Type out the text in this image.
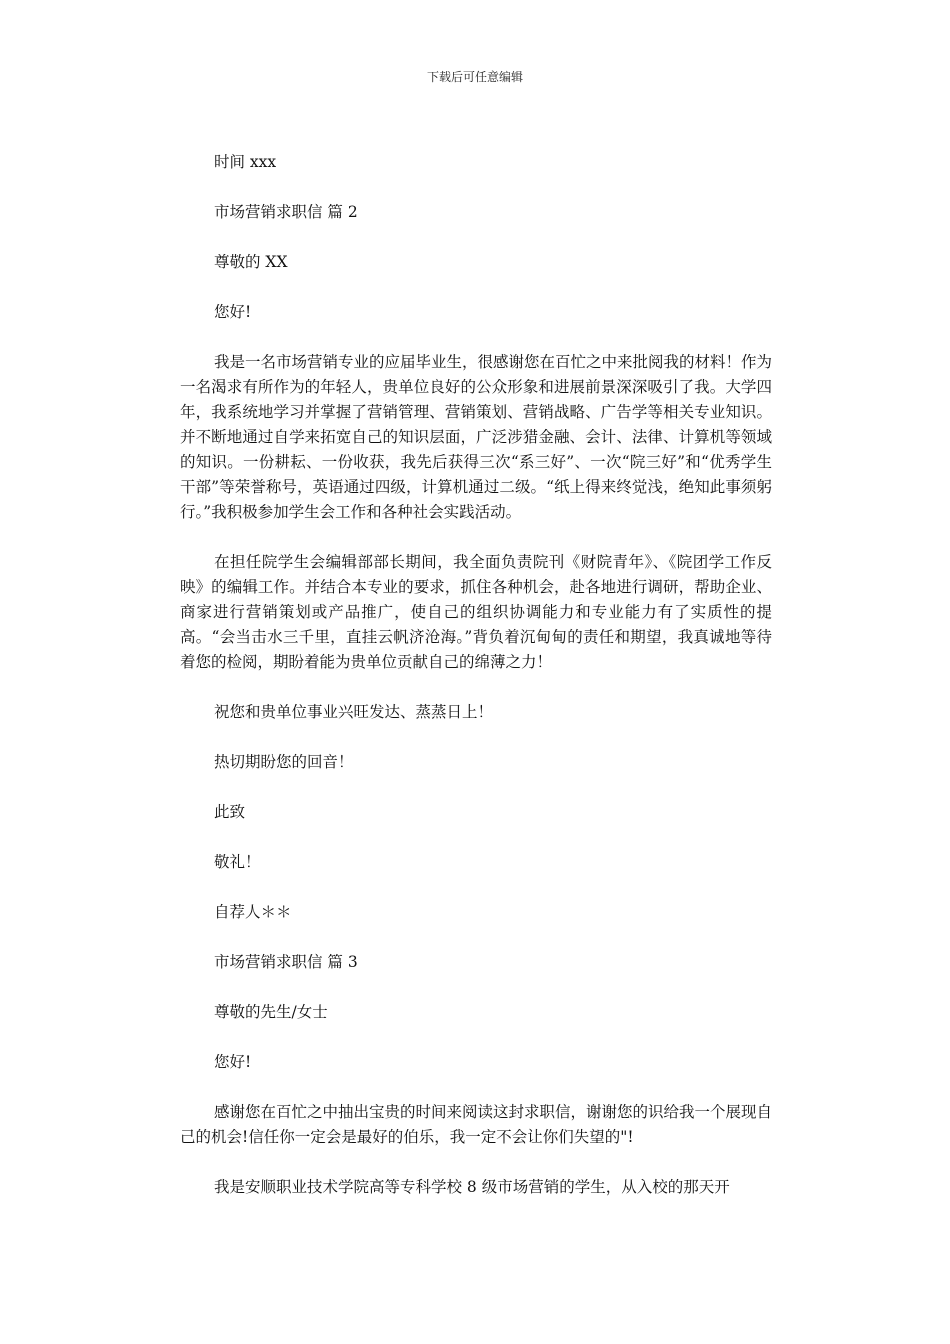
下载后可任意编辑
时间 xxx
市场营销求职信 篇 2
尊敬的 XX
您好!

我是一名市场营销专业的应届毕业生，很感谢您在百忙之中来批阅我的材料！作为一名渴求有所作为的年轻人，贵单位良好的公众形象和进展前景深深吸引了我。大学四年，我系统地学习并掌握了营销管理、营销策划、营销战略、广告学等相关专业知识。并不断地通过自学来拓宽自己的知识层面，广泛涉猎金融、会计、法律、计算机等领域的知识。一份耕耘、一份收获，我先后获得三次“系三好”、一次“院三好”和“优秀学生干部”等荣誉称号，英语通过四级，计算机通过二级。“纸上得来终觉浅，绝知此事须躬行。”我积极参加学生会工作和各种社会实践活动。

在担任院学生会编辑部部长期间，我全面负责院刊《财院青年》、《院团学工作反映》的编辑工作。并结合本专业的要求，抓住各种机会，赴各地进行调研，帮助企业、商家进行营销策划或产品推广，使自己的组织协调能力和专业能力有了实质性的提高。“会当击水三千里，直挂云帆济沧海。”背负着沉甸甸的责任和期望，我真诚地等待着您的检阅，期盼着能为贵单位贡献自己的绵薄之力！

祝您和贵单位事业兴旺发达、蒸蒸日上！
热切期盼您的回音！
此致
敬礼！
自荐人＊＊
市场营销求职信 篇 3
尊敬的先生/女士
您好!

感谢您在百忙之中抽出宝贵的时间来阅读这封求职信，谢谢您的识给我一个展现自己的机会!信任你一定会是最好的伯乐，我一定不会让你们失望的"!

我是安顺职业技术学院高等专科学校 8 级市场营销的学生，从入校的那天开
